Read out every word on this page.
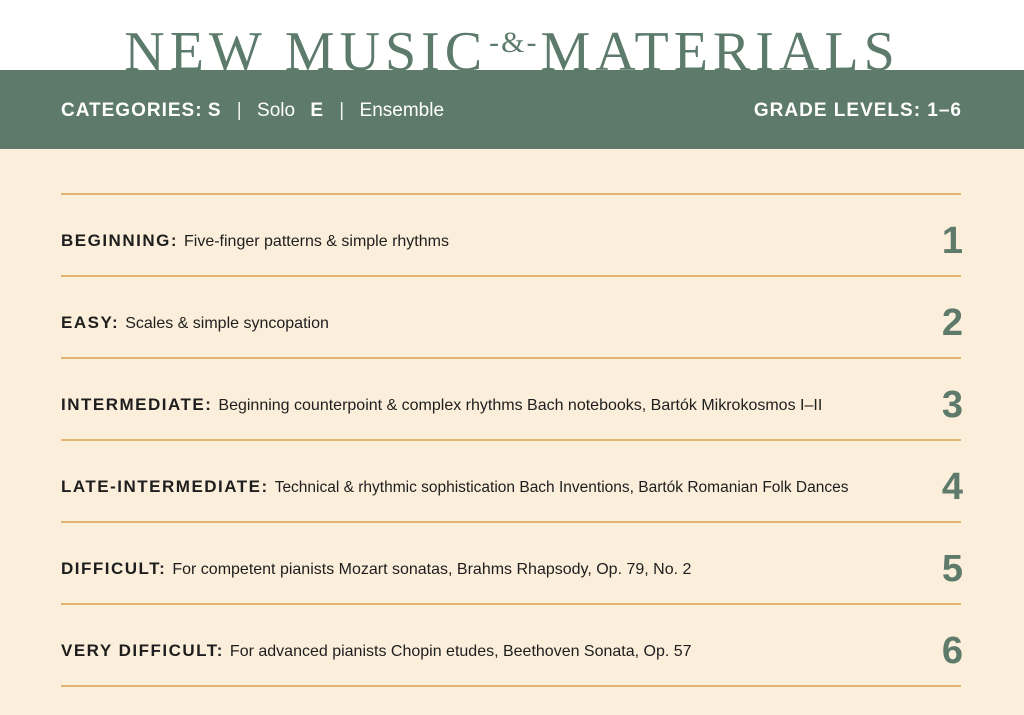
NEW MUSIC-&-MATERIALS
CATEGORIES: S | Solo E | Ensemble	GRADE LEVELS: 1–6
BEGINNING: Five-finger patterns & simple rhythms	1
EASY: Scales & simple syncopation	2
INTERMEDIATE: Beginning counterpoint & complex rhythms Bach notebooks, Bartók Mikrokosmos I–II	3
LATE-INTERMEDIATE: Technical & rhythmic sophistication Bach Inventions, Bartók Romanian Folk Dances 4
DIFFICULT: For competent pianists Mozart sonatas, Brahms Rhapsody, Op. 79, No. 2	5
VERY DIFFICULT: For advanced pianists Chopin etudes, Beethoven Sonata, Op. 57	6
